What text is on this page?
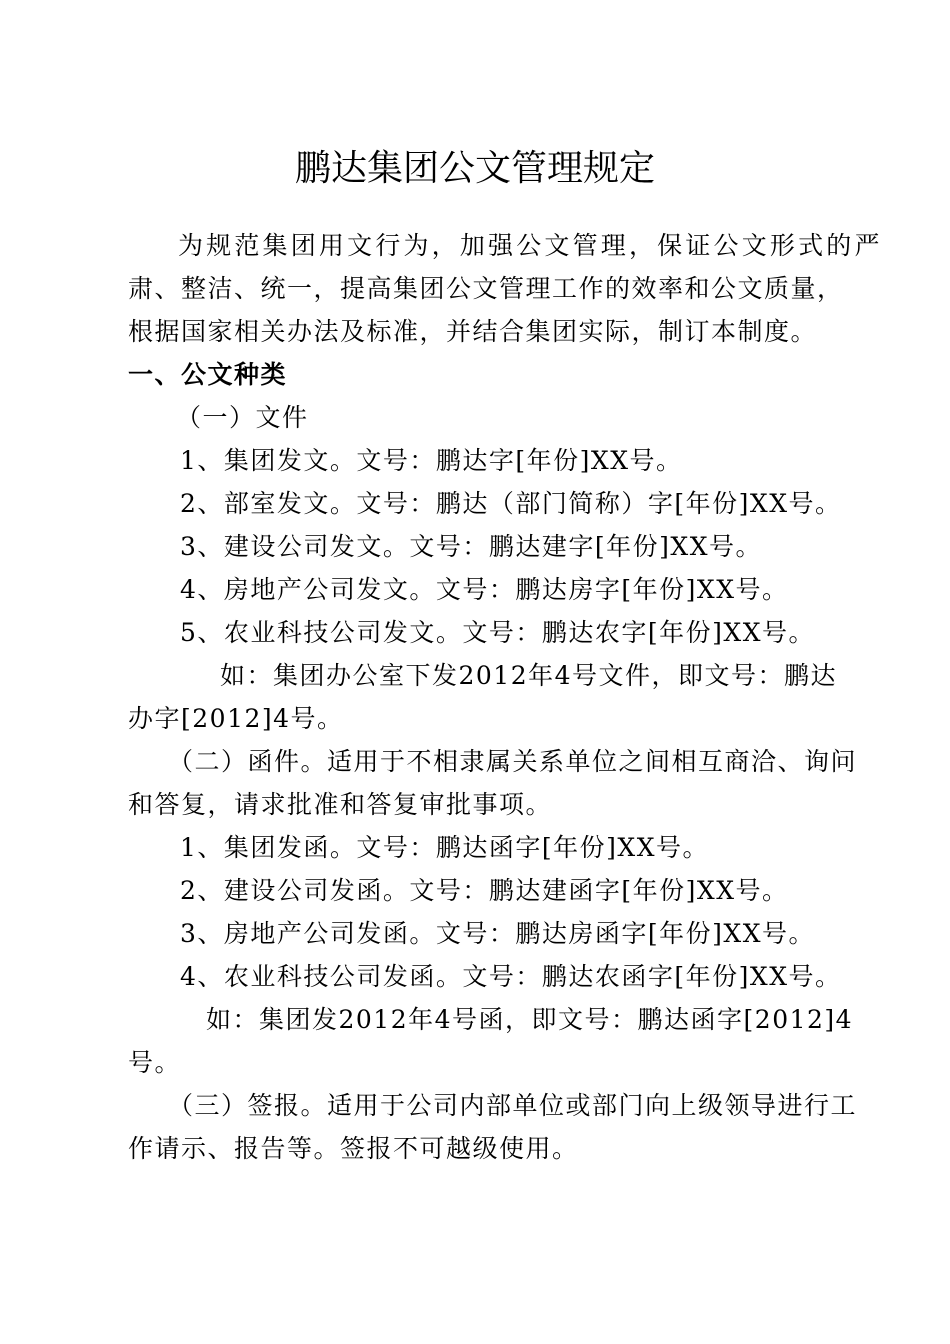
鹏达集团公文管理规定
为规范集团用文行为，加强公文管理，保证公文形式的严
肃、整洁、统一，提高集团公文管理工作的效率和公文质量，
根据国家相关办法及标准，并结合集团实际，制订本制度。
一、公文种类
（一）文件
1、集团发文。文号：鹏达字[年份]XX号。
2、部室发文。文号：鹏达（部门简称）字[年份]XX号。
3、建设公司发文。文号：鹏达建字[年份]XX号。
4、房地产公司发文。文号：鹏达房字[年份]XX号。
5、农业科技公司发文。文号：鹏达农字[年份]XX号。
如：集团办公室下发2012年4号文件，即文号：鹏达
办字[2012]4号。
（二）函件。适用于不相隶属关系单位之间相互商洽、询问
和答复，请求批准和答复审批事项。
1、集团发函。文号：鹏达函字[年份]XX号。
2、建设公司发函。文号：鹏达建函字[年份]XX号。
3、房地产公司发函。文号：鹏达房函字[年份]XX号。
4、农业科技公司发函。文号：鹏达农函字[年份]XX号。
如：集团发2012年4号函，即文号：鹏达函字[2012]4
号。
（三）签报。适用于公司内部单位或部门向上级领导进行工
作请示、报告等。签报不可越级使用。
